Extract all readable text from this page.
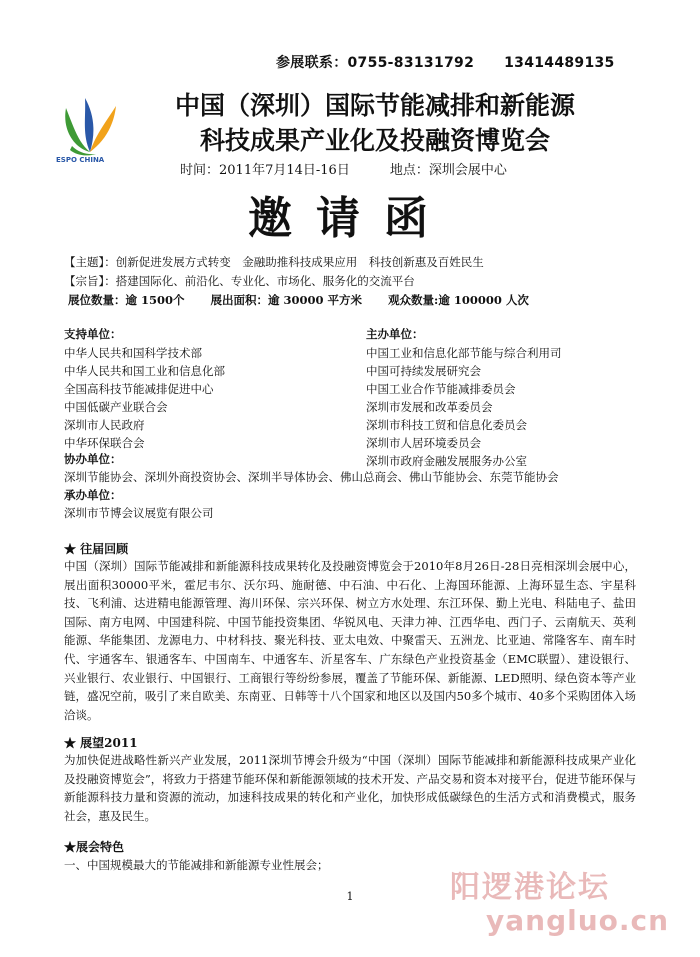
参展联系：0755-83131792 13414489135
ESPO CHINA
中国（深圳）国际节能减排和新能源
科技成果产业化及投融资博览会
时间：2011年7月14日-16日	地点：深圳会展中心
邀请函
【主题】：创新促进发展方式转变　金融助推科技成果应用　科技创新惠及百姓民生
【宗旨】：搭建国际化、前沿化、专业化、市场化、服务化的交流平台
展位数量：逾 1500个 展出面积：逾 30000 平方米 观众数量:逾 100000 人次
支持单位：
中华人民共和国科学技术部
中华人民共和国工业和信息化部
全国高科技节能减排促进中心
中国低碳产业联合会
深圳市人民政府
中华环保联合会
主办单位：
中国工业和信息化部节能与综合利用司
中国可持续发展研究会
中国工业合作节能减排委员会
深圳市发展和改革委员会
深圳市科技工贸和信息化委员会
深圳市人居环境委员会
深圳市政府金融发展服务办公室
协办单位：
深圳节能协会、深圳外商投资协会、深圳半导体协会、佛山总商会、佛山节能协会、东莞节能协会
承办单位：
深圳市节博会议展览有限公司
★ 往届回顾
中国（深圳）国际节能减排和新能源科技成果转化及投融资博览会于2010年8月26日-28日亮相深圳会展中心，展出面积30000平米，霍尼韦尔、沃尔玛、施耐德、中石油、中石化、上海国环能源、上海环显生态、宇星科技、飞利浦、达进精电能源管理、海川环保、宗兴环保、树立方水处理、东江环保、勤上光电、科陆电子、盐田国际、南方电网、中国建科院、中国节能投资集团、华锐风电、天津力神、江西华电、西门子、云南航天、英利能源、华能集团、龙源电力、中材科技、聚光科技、亚太电效、中聚雷天、五洲龙、比亚迪、常隆客车、南车时代、宇通客车、银通客车、中国南车、中通客车、沂星客车、广东绿色产业投资基金（EMC联盟）、建设银行、兴业银行、农业银行、中国银行、工商银行等纷纷参展，覆盖了节能环保、新能源、LED照明、绿色资本等产业链，盛况空前，吸引了来自欧美、东南亚、日韩等十八个国家和地区以及国内50多个城市、40多个采购团体入场洽谈。
★ 展望2011
为加快促进战略性新兴产业发展，2011深圳节博会升级为“中国（深圳）国际节能减排和新能源科技成果产业化及投融资博览会”，将致力于搭建节能环保和新能源领域的技术开发、产品交易和资本对接平台，促进节能环保与新能源科技力量和资源的流动，加速科技成果的转化和产业化，加快形成低碳绿色的生活方式和消费模式，服务社会，惠及民生。
★展会特色
一、中国规模最大的节能减排和新能源专业性展会；
阳逻港论坛
yangluo.cn
1
